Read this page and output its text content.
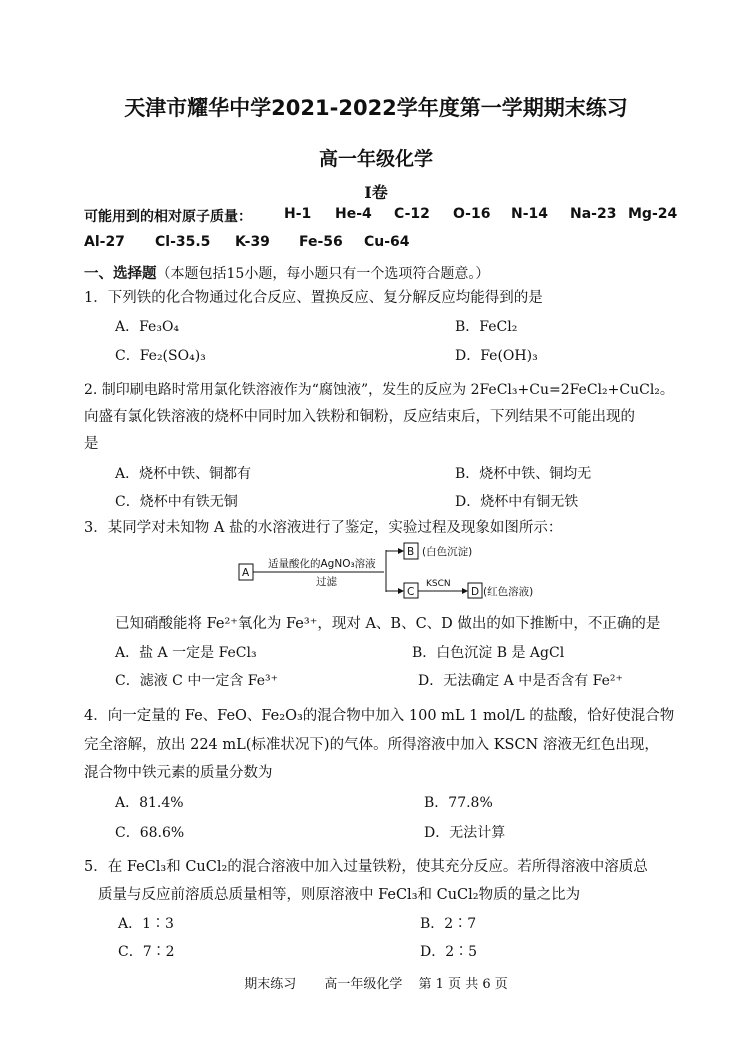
天津市耀华中学2021-2022学年度第一学期期末练习
高一年级化学
Ⅰ卷
可能用到的相对原子质量： H-1 He-4 C-12 O-16 N-14 Na-23 Mg-24
Al-27 Cl-35.5 K-39 Fe-56 Cu-64
一、选择题（本题包括15小题，每小题只有一个选项符合题意。）
1．下列铁的化合物通过化合反应、置换反应、复分解反应均能得到的是
A．Fe₃O₄	B．FeCl₂
C．Fe₂(SO₄)₃	D．Fe(OH)₃
2. 制印刷电路时常用氯化铁溶液作为“腐蚀液”，发生的反应为 2FeCl₃+Cu=2FeCl₂+CuCl₂。
向盛有氯化铁溶液的烧杯中同时加入铁粉和铜粉，反应结束后，下列结果不可能出现的
是
A．烧杯中铁、铜都有	B．烧杯中铁、铜均无
C．烧杯中有铁无铜	D．烧杯中有铜无铁
3．某同学对未知物 A 盐的水溶液进行了鉴定，实验过程及现象如图所示：
A
适量酸化的AgNO₃溶液
过滤
B (白色沉淀)
C
KSCN
D (红色溶液)
已知硝酸能将 Fe²⁺氧化为 Fe³⁺，现对 A、B、C、D 做出的如下推断中，不正确的是
A．盐 A 一定是 FeCl₃	B．白色沉淀 B 是 AgCl
C．滤液 C 中一定含 Fe³⁺	D．无法确定 A 中是否含有 Fe²⁺
4．向一定量的 Fe、FeO、Fe₂O₃的混合物中加入 100 mL 1 mol/L 的盐酸，恰好使混合物
完全溶解，放出 224 mL(标准状况下)的气体。所得溶液中加入 KSCN 溶液无红色出现，
混合物中铁元素的质量分数为
A．81.4%	B．77.8%
C．68.6%	D．无法计算
5．在 FeCl₃和 CuCl₂的混合溶液中加入过量铁粉，使其充分反应。若所得溶液中溶质总
质量与反应前溶质总质量相等，则原溶液中 FeCl₃和 CuCl₂物质的量之比为
A．1∶3	B．2∶7
C．7∶2	D．2∶5
期末练习 高一年级化学 第 1 页 共 6 页
